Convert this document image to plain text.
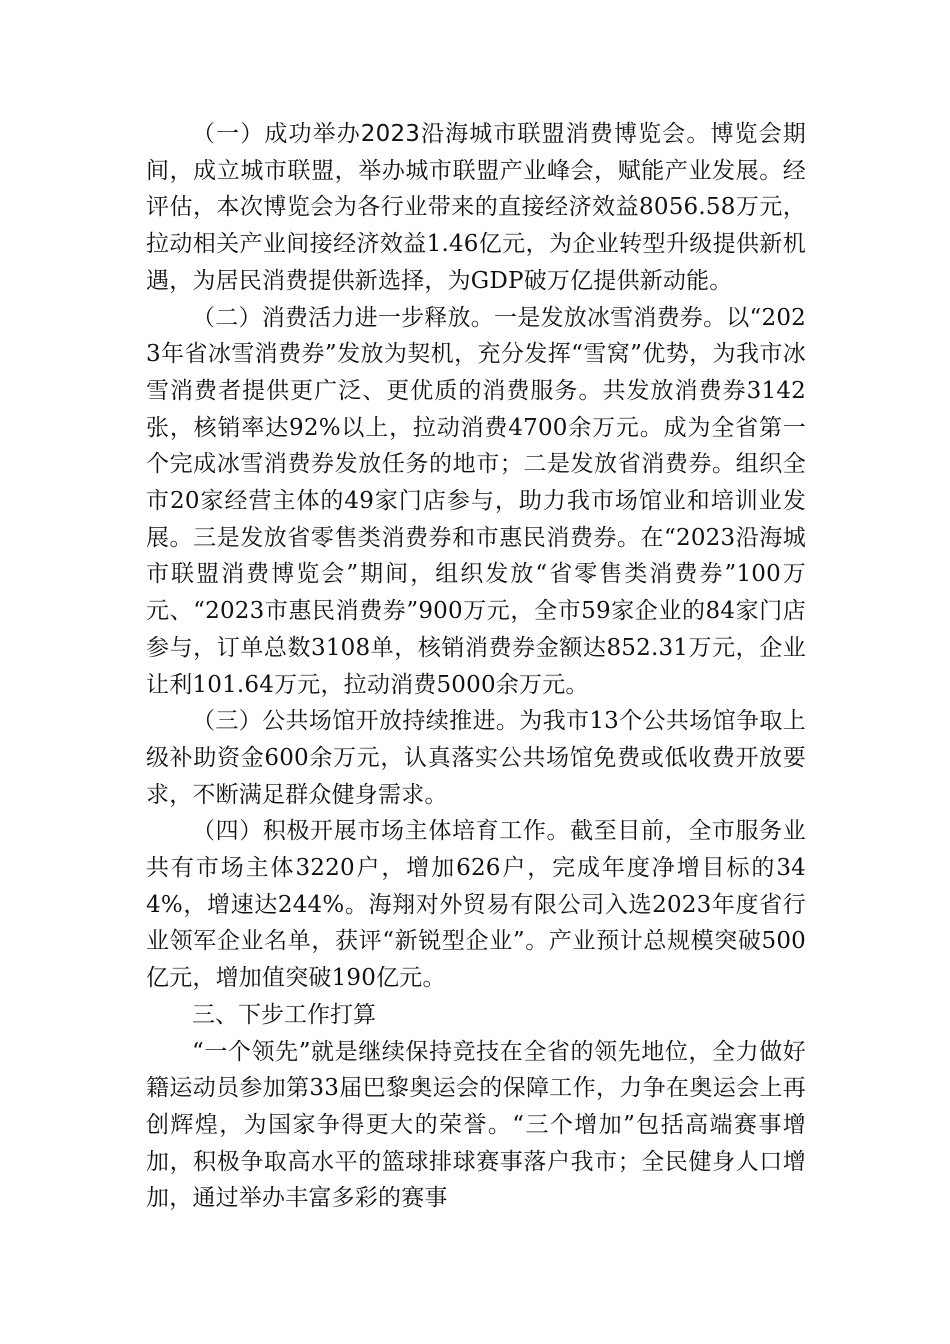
（一）成功举办2023沿海城市联盟消费博览会。博览会期间，成立城市联盟，举办城市联盟产业峰会，赋能产业发展。经评估，本次博览会为各行业带来的直接经济效益8056.58万元，拉动相关产业间接经济效益1.46亿元，为企业转型升级提供新机遇，为居民消费提供新选择，为GDP破万亿提供新动能。

（二）消费活力进一步释放。一是发放冰雪消费券。以“2023年省冰雪消费券”发放为契机，充分发挥“雪窝”优势，为我市冰雪消费者提供更广泛、更优质的消费服务。共发放消费券3142张，核销率达92%以上，拉动消费4700余万元。成为全省第一个完成冰雪消费券发放任务的地市；二是发放省消费券。组织全市20家经营主体的49家门店参与，助力我市场馆业和培训业发展。三是发放省零售类消费券和市惠民消费券。在“2023沿海城市联盟消费博览会”期间，组织发放“省零售类消费券”100万元、“2023市惠民消费券”900万元，全市59家企业的84家门店参与，订单总数3108单，核销消费券金额达852.31万元，企业让利101.64万元，拉动消费5000余万元。

（三）公共场馆开放持续推进。为我市13个公共场馆争取上级补助资金600余万元，认真落实公共场馆免费或低收费开放要求，不断满足群众健身需求。

（四）积极开展市场主体培育工作。截至目前，全市服务业共有市场主体3220户，增加626户，完成年度净增目标的344%，增速达244%。海翔对外贸易有限公司入选2023年度省行业领军企业名单，获评“新锐型企业”。产业预计总规模突破500亿元，增加值突破190亿元。

三、下步工作打算

“一个领先”就是继续保持竞技在全省的领先地位，全力做好籍运动员参加第33届巴黎奥运会的保障工作，力争在奥运会上再创辉煌，为国家争得更大的荣誉。“三个增加”包括高端赛事增加，积极争取高水平的篮球排球赛事落户我市；全民健身人口增加，通过举办丰富多彩的赛事
